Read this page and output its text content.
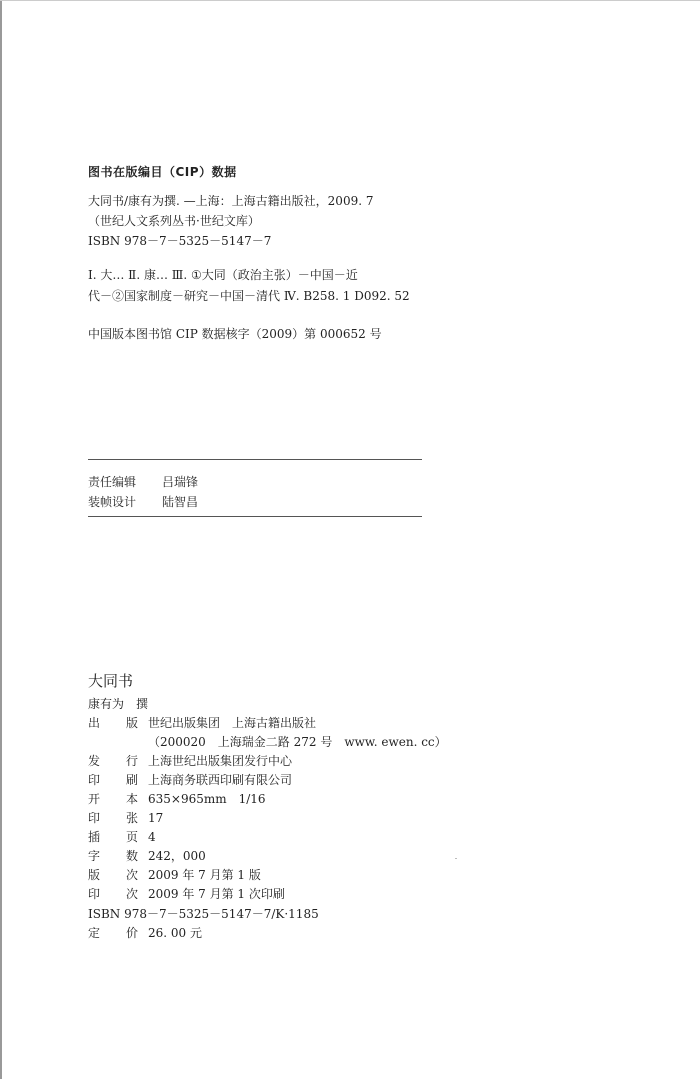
图书在版编目（CIP）数据
大同书/康有为撰. —上海：上海古籍出版社，2009. 7
（世纪人文系列丛书·世纪文库）
ISBN 978－7－5325－5147－7
Ⅰ. 大… Ⅱ. 康… Ⅲ. ①大同（政治主张）－中国－近
代－②国家制度－研究－中国－清代 Ⅳ. B258. 1 D092. 52
中国版本图书馆 CIP 数据核字（2009）第 000652 号
责任编辑 吕瑞锋
装帧设计 陆智昌
大同书
康有为 撰
出 版 世纪出版集团　上海古籍出版社
（200020　上海瑞金二路 272 号　www. ewen. cc）
发 行 上海世纪出版集团发行中心
印 刷 上海商务联西印刷有限公司
开 本 635×965mm　1/16
印 张 17
插 页 4
字 数 242，000
版 次 2009 年 7 月第 1 版
印 次 2009 年 7 月第 1 次印刷
ISBN 978－7－5325－5147－7/K·1185
定 价 26. 00 元
